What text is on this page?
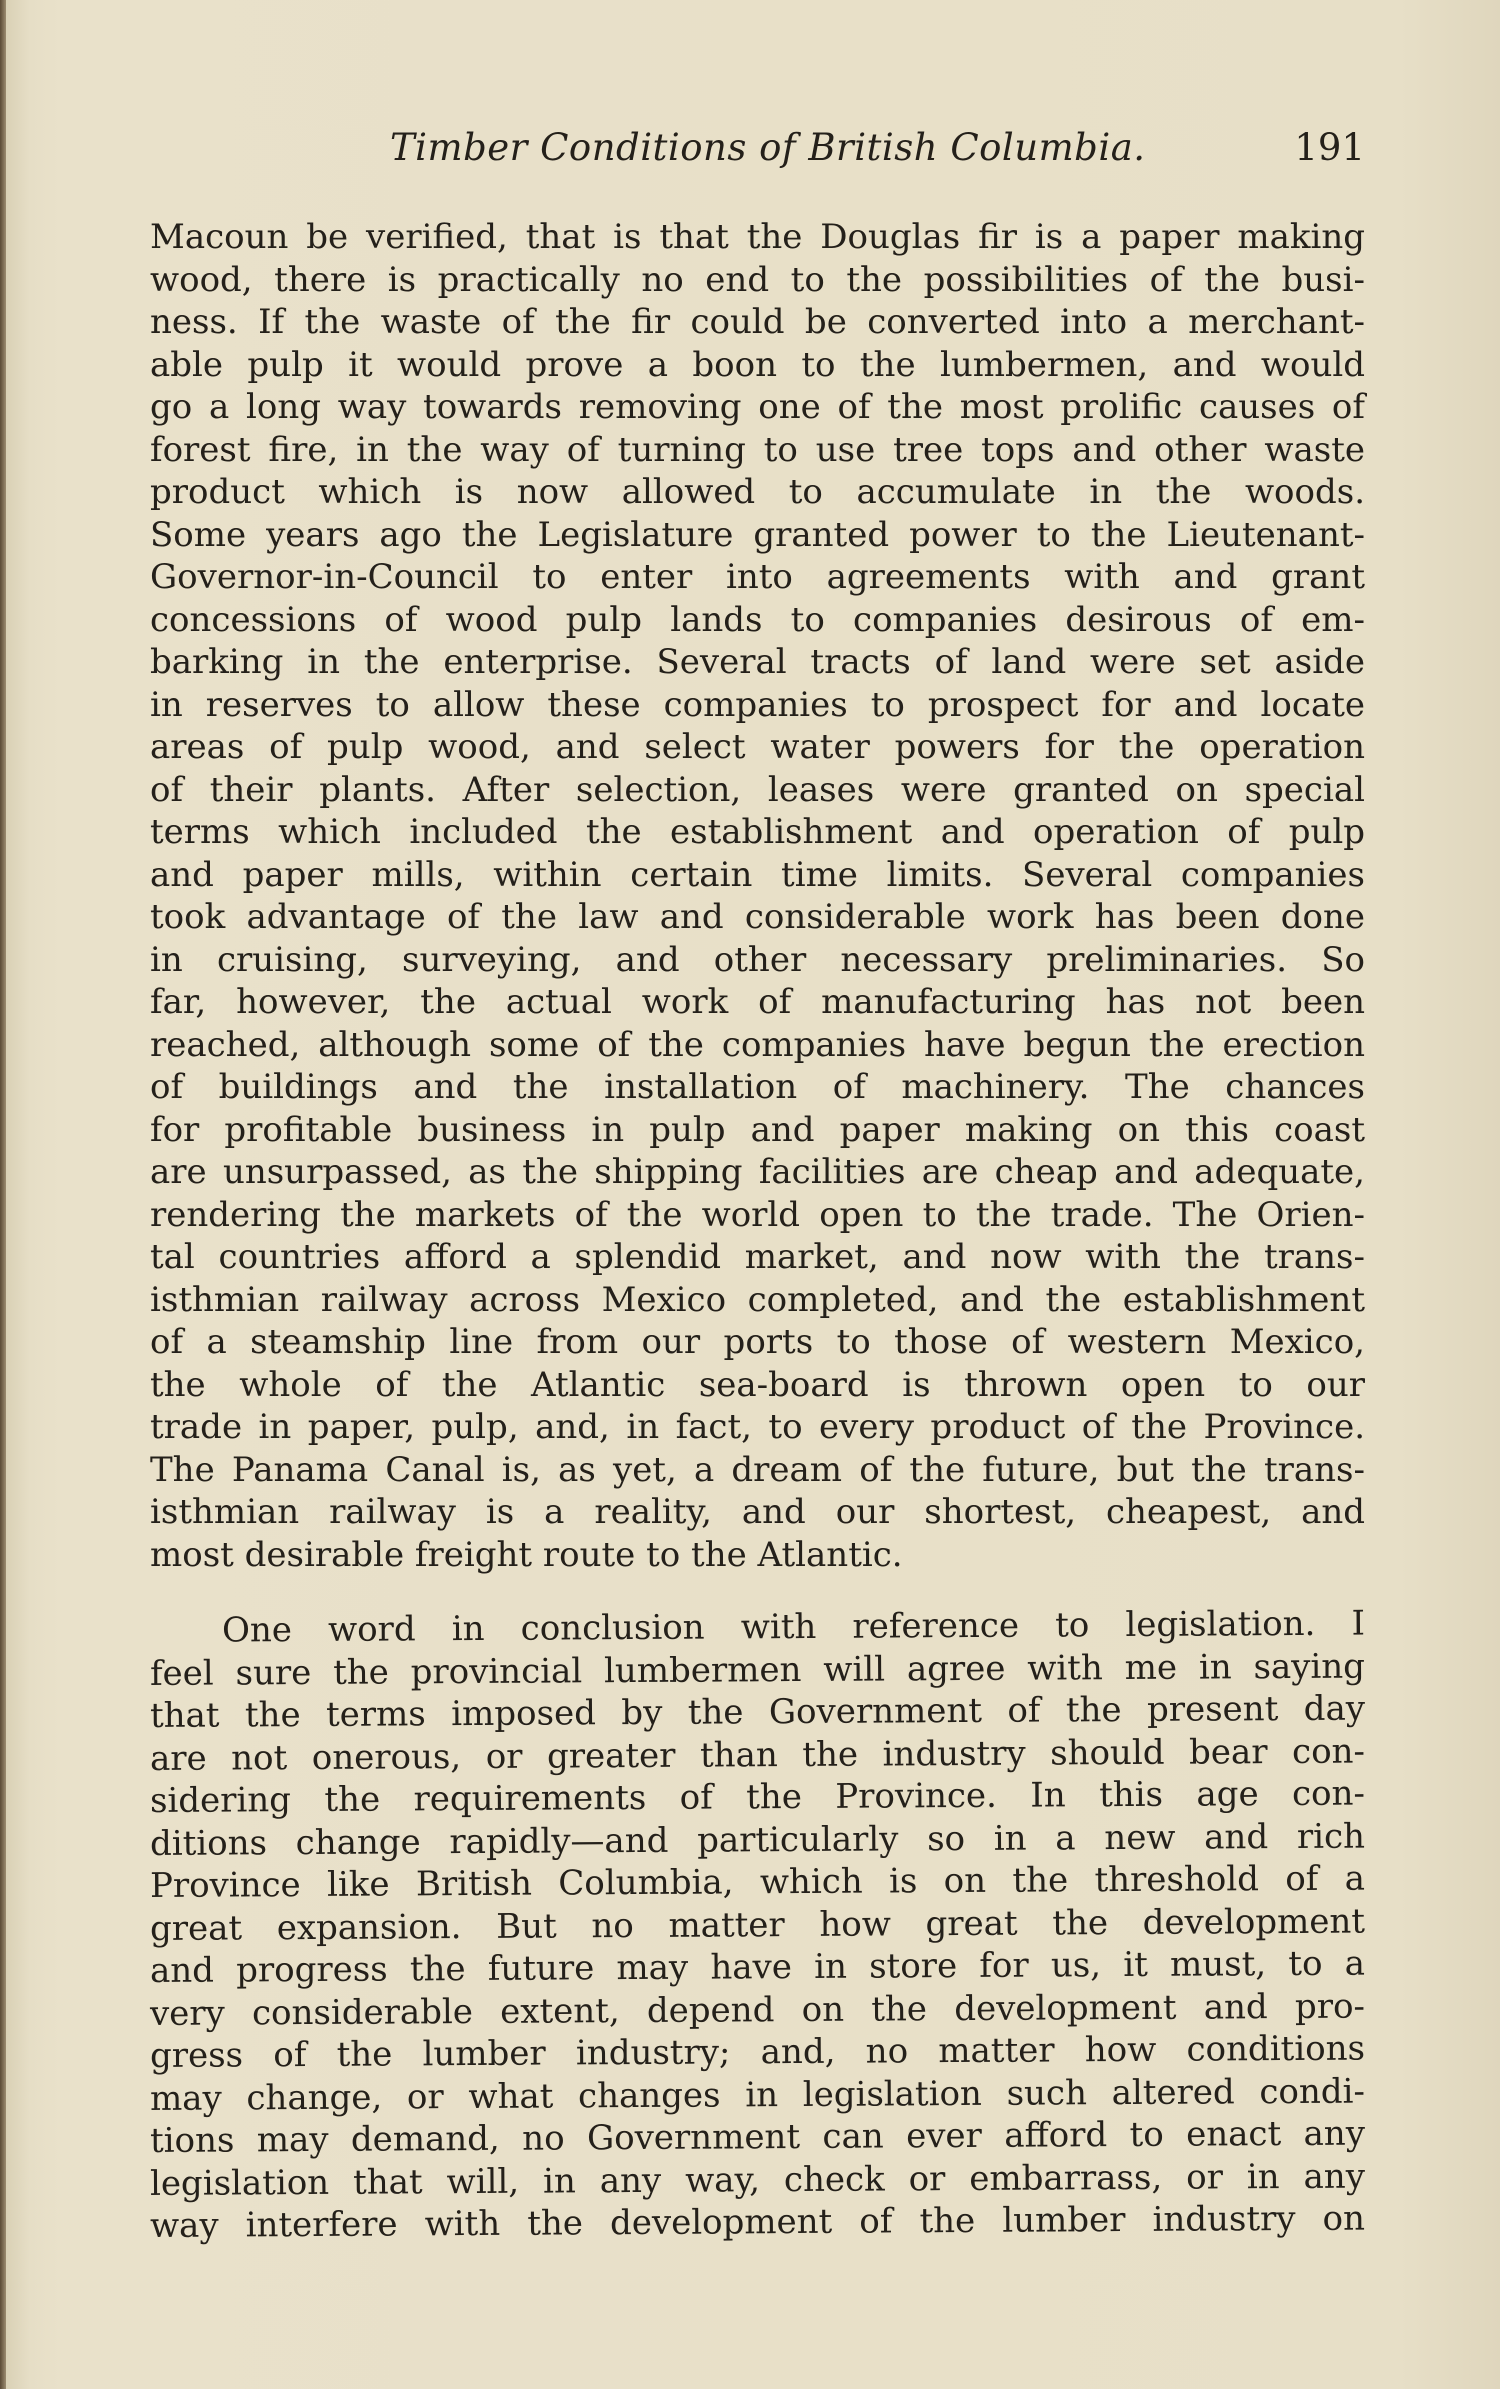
Timber Conditions of British Columbia.	191
Macoun be verified, that is that the Douglas fir is a paper making
wood, there is practically no end to the possibilities of the busi-
ness. If the waste of the fir could be converted into a merchant-
able pulp it would prove a boon to the lumbermen, and would
go a long way towards removing one of the most prolific causes of
forest fire, in the way of turning to use tree tops and other waste
product which is now allowed to accumulate in the woods.
Some years ago the Legislature granted power to the Lieutenant-
Governor-in-Council to enter into agreements with and grant
concessions of wood pulp lands to companies desirous of em-
barking in the enterprise. Several tracts of land were set aside
in reserves to allow these companies to prospect for and locate
areas of pulp wood, and select water powers for the operation
of their plants. After selection, leases were granted on special
terms which included the establishment and operation of pulp
and paper mills, within certain time limits. Several companies
took advantage of the law and considerable work has been done
in cruising, surveying, and other necessary preliminaries. So
far, however, the actual work of manufacturing has not been
reached, although some of the companies have begun the erection
of buildings and the installation of machinery. The chances
for profitable business in pulp and paper making on this coast
are unsurpassed, as the shipping facilities are cheap and adequate,
rendering the markets of the world open to the trade. The Orien-
tal countries afford a splendid market, and now with the trans-
isthmian railway across Mexico completed, and the establishment
of a steamship line from our ports to those of western Mexico,
the whole of the Atlantic sea-board is thrown open to our
trade in paper, pulp, and, in fact, to every product of the Province.
The Panama Canal is, as yet, a dream of the future, but the trans-
isthmian railway is a reality, and our shortest, cheapest, and
most desirable freight route to the Atlantic.
One word in conclusion with reference to legislation. I
feel sure the provincial lumbermen will agree with me in saying
that the terms imposed by the Government of the present day
are not onerous, or greater than the industry should bear con-
sidering the requirements of the Province. In this age con-
ditions change rapidly—and particularly so in a new and rich
Province like British Columbia, which is on the threshold of a
great expansion. But no matter how great the development
and progress the future may have in store for us, it must, to a
very considerable extent, depend on the development and pro-
gress of the lumber industry; and, no matter how conditions
may change, or what changes in legislation such altered condi-
tions may demand, no Government can ever afford to enact any
legislation that will, in any way, check or embarrass, or in any
way interfere with the development of the lumber industry on
